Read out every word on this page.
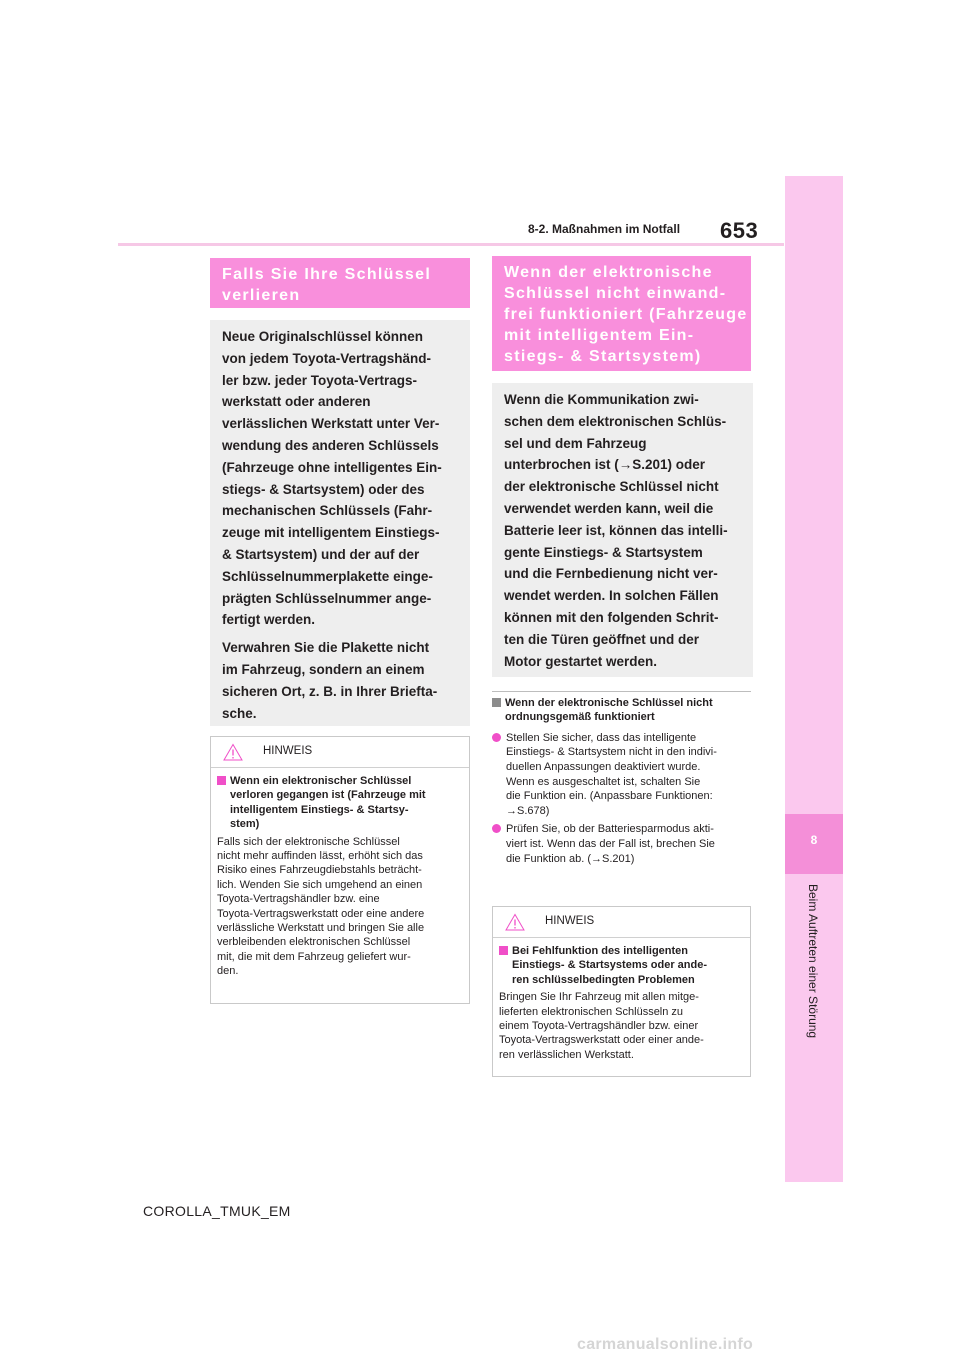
8-2. Maßnahmen im Notfall 653
8
Beim Auftreten einer Störung
Falls Sie Ihre Schlüssel
verlieren

Neue Originalschlüssel können
von jedem Toyota-Vertragshänd-
ler bzw. jeder Toyota-Vertrags-
werkstatt oder anderen
verlässlichen Werkstatt unter Ver-
wendung des anderen Schlüssels
(Fahrzeuge ohne intelligentes Ein-
stiegs- & Startsystem) oder des
mechanischen Schlüssels (Fahr-
zeuge mit intelligentem Einstiegs-
& Startsystem) und der auf der
Schlüsselnummerplakette einge-
prägten Schlüsselnummer ange-
fertigt werden.

Verwahren Sie die Plakette nicht
im Fahrzeug, sondern an einem
sicheren Ort, z. B. in Ihrer Briefta-
sche.

HINWEIS
Wenn ein elektronischer Schlüssel
verloren gegangen ist (Fahrzeuge mit
intelligentem Einstiegs- & Startsy-
stem)

Falls sich der elektronische Schlüssel
nicht mehr auffinden lässt, erhöht sich das
Risiko eines Fahrzeugdiebstahls beträcht-
lich. Wenden Sie sich umgehend an einen
Toyota-Vertragshändler bzw. eine
Toyota-Vertragswerkstatt oder eine andere
verlässliche Werkstatt und bringen Sie alle
verbleibenden elektronischen Schlüssel
mit, die mit dem Fahrzeug geliefert wur-
den.

Wenn der elektronische
Schlüssel nicht einwand-
frei funktioniert (Fahrzeuge
mit intelligentem Ein-
stiegs- & Startsystem)

Wenn die Kommunikation zwi-
schen dem elektronischen Schlüs-
sel und dem Fahrzeug
unterbrochen ist (→S.201) oder
der elektronische Schlüssel nicht
verwendet werden kann, weil die
Batterie leer ist, können das intelli-
gente Einstiegs- & Startsystem
und die Fernbedienung nicht ver-
wendet werden. In solchen Fällen
können mit den folgenden Schrit-
ten die Türen geöffnet und der
Motor gestartet werden.

Wenn der elektronische Schlüssel nicht
ordnungsgemäß funktioniert
Stellen Sie sicher, dass das intelligente
Einstiegs- & Startsystem nicht in den indivi-
duellen Anpassungen deaktiviert wurde.
Wenn es ausgeschaltet ist, schalten Sie
die Funktion ein. (Anpassbare Funktionen:
→S.678)
Prüfen Sie, ob der Batteriesparmodus akti-
viert ist. Wenn das der Fall ist, brechen Sie
die Funktion ab. (→S.201)
HINWEIS
Bei Fehlfunktion des intelligenten
Einstiegs- & Startsystems oder ande-
ren schlüsselbedingten Problemen

Bringen Sie Ihr Fahrzeug mit allen mitge-
lieferten elektronischen Schlüsseln zu
einem Toyota-Vertragshändler bzw. einer
Toyota-Vertragswerkstatt oder einer ande-
ren verlässlichen Werkstatt.

COROLLA_TMUK_EM
carmanualsonline.info
